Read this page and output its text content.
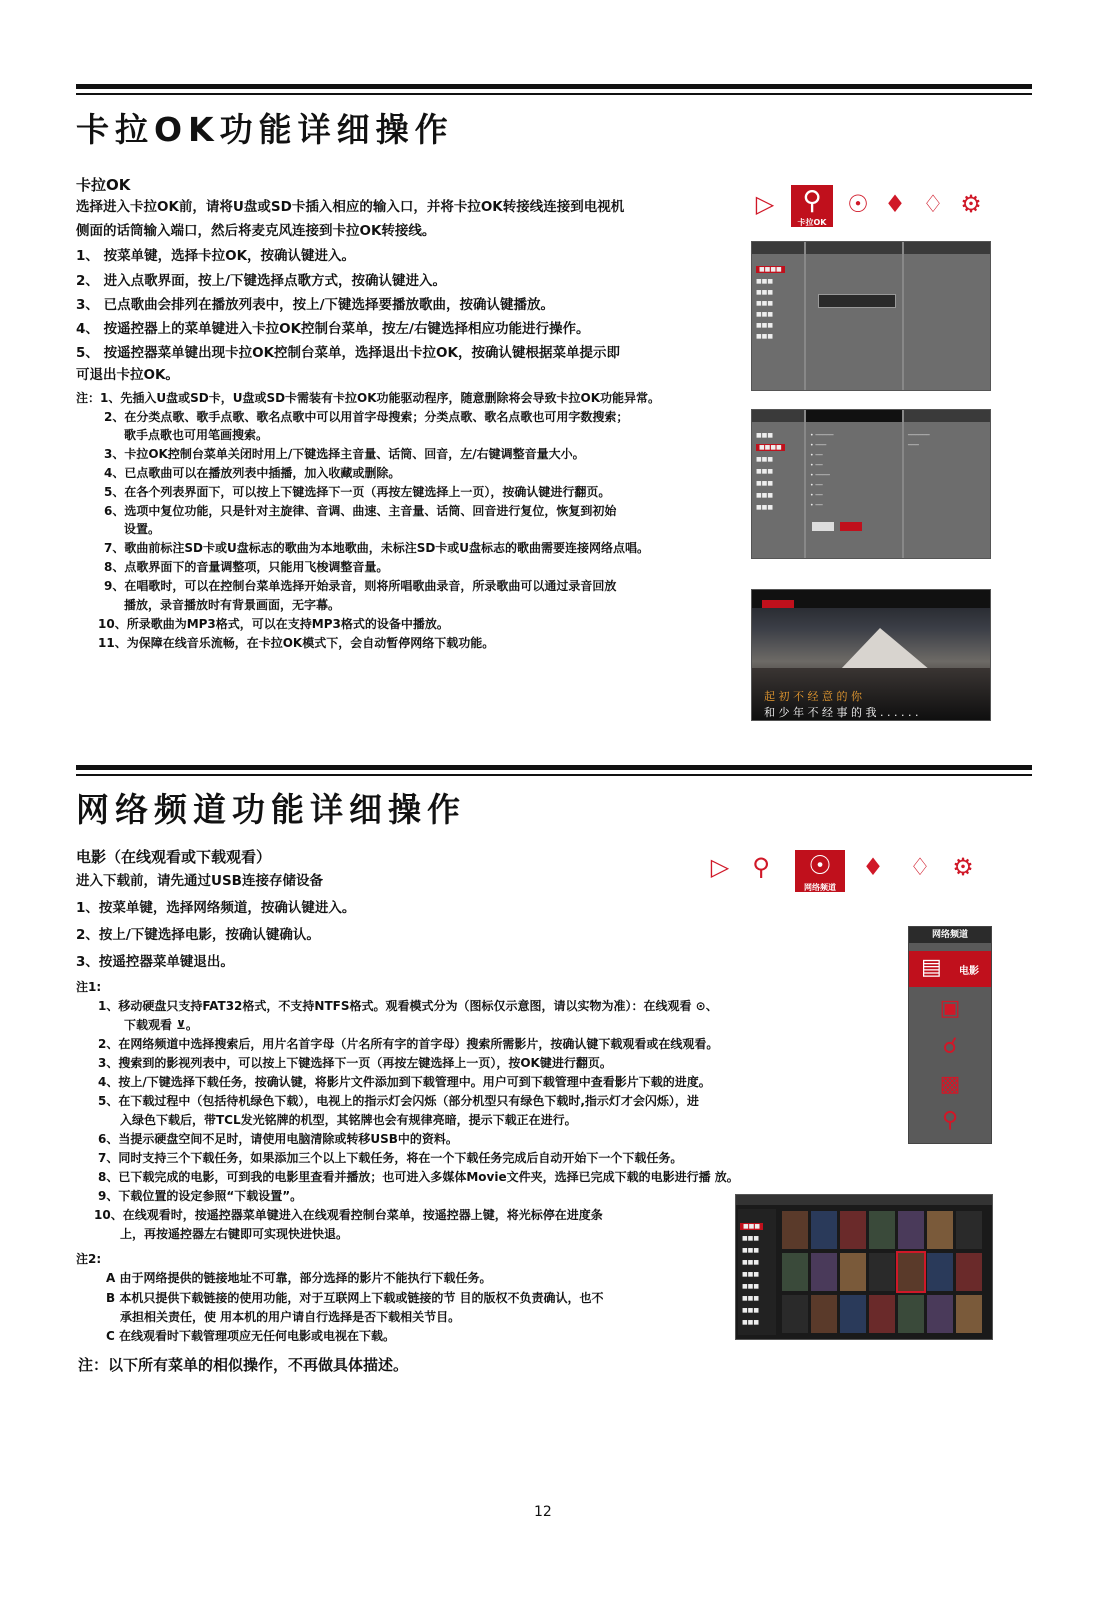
卡拉OK功能详细操作
卡拉OK
选择进入卡拉OK前，请将U盘或SD卡插入相应的输入口，并将卡拉OK转接线连接到电视机
侧面的话筒输入端口，然后将麦克风连接到卡拉OK转接线。
1、 按菜单键，选择卡拉OK，按确认键进入。
2、 进入点歌界面，按上/下键选择点歌方式，按确认键进入。
3、 已点歌曲会排列在播放列表中，按上/下键选择要播放歌曲，按确认键播放。
4、 按遥控器上的菜单键进入卡拉OK控制台菜单，按左/右键选择相应功能进行操作。
5、 按遥控器菜单键出现卡拉OK控制台菜单，选择退出卡拉OK，按确认键根据菜单提示即
可退出卡拉OK。
注：1、先插入U盘或SD卡，U盘或SD卡需装有卡拉OK功能驱动程序，随意删除将会导致卡拉OK功能异常。
2、在分类点歌、歌手点歌、歌名点歌中可以用首字母搜索；分类点歌、歌名点歌也可用字数搜索；
歌手点歌也可用笔画搜索。
3、卡拉OK控制台菜单关闭时用上/下键选择主音量、话筒、回音，左/右键调整音量大小。
4、已点歌曲可以在播放列表中插播，加入收藏或删除。
5、在各个列表界面下，可以按上下键选择下一页（再按左键选择上一页），按确认键进行翻页。
6、选项中复位功能，只是针对主旋律、音调、曲速、主音量、话筒、回音进行复位，恢复到初始
设置。
7、歌曲前标注SD卡或U盘标志的歌曲为本地歌曲，未标注SD卡或U盘标志的歌曲需要连接网络点唱。
8、点歌界面下的音量调整项，只能用飞梭调整音量。
9、在唱歌时，可以在控制台菜单选择开始录音，则将所唱歌曲录音，所录歌曲可以通过录音回放
播放，录音播放时有背景画面，无字幕。
10、所录歌曲为MP3格式，可以在支持MP3格式的设备中播放。
11、为保障在线音乐流畅，在卡拉OK模式下，会自动暂停网络下载功能。
▷	⚲
卡拉OK
☉ ♦ ♢ ⚙
■■■■
■■■
■■■
■■■
■■■
■■■
■■■
■■■
■■■■
■■■
■■■
■■■
■■■
■■■
• ─────
• ───
• ──
• ──
• ────
• ──
• ──
• ──
──────
───
起 初 不 经 意 的 你
和 少 年 不 经 事 的 我 . . . . . .
网络频道功能详细操作
电影（在线观看或下载观看）
进入下载前，请先通过USB连接存储设备
1、按菜单键，选择网络频道，按确认键进入。
2、按上/下键选择电影，按确认键确认。
3、按遥控器菜单键退出。
注1:
1、移动硬盘只支持FAT32格式，不支持NTFS格式。观看模式分为（图标仅示意图，请以实物为准）：在线观看 ⊙、
下载观看 ⊻。
2、在网络频道中选择搜索后，用片名首字母（片名所有字的首字母）搜索所需影片，按确认键下载观看或在线观看。
3、搜索到的影视列表中，可以按上下键选择下一页（再按左键选择上一页），按OK键进行翻页。
4、按上/下键选择下载任务，按确认键，将影片文件添加到下载管理中。用户可到下载管理中查看影片下载的进度。
5、在下载过程中（包括待机绿色下载），电视上的指示灯会闪烁（部分机型只有绿色下载时,指示灯才会闪烁），进
入绿色下载后，带TCL发光铭牌的机型，其铭牌也会有规律亮暗，提示下载正在进行。
6、当提示硬盘空间不足时，请使用电脑清除或转移USB中的资料。
7、同时支持三个下载任务，如果添加三个以上下载任务，将在一个下载任务完成后自动开始下一个下载任务。
8、已下载完成的电影，可到我的电影里查看并播放；也可进入多媒体Movie文件夹，选择已完成下载的电影进行播 放。
9、下载位置的设定参照“下载设置”。
10、在线观看时，按遥控器菜单键进入在线观看控制台菜单，按遥控器上键，将光标停在进度条
上，再按遥控器左右键即可实现快进快退。
注2:
A 由于网络提供的链接地址不可靠，部分选择的影片不能执行下载任务。
B 本机只提供下载链接的使用功能，对于互联网上下载或链接的节 目的版权不负责确认，也不
承担相关责任，使 用本机的用户请自行选择是否下载相关节目。
C 在线观看时下载管理项应无任何电影或电视在下载。
注：以下所有菜单的相似操作，不再做具体描述。
▷ ⚲	☉
网络频道
♦ ♢ ⚙
网络频道
▤ 电影
▣
☌
▩
⚲
■■■
■■■
■■■
■■■
■■■
■■■
■■■
■■■
■■■
12
